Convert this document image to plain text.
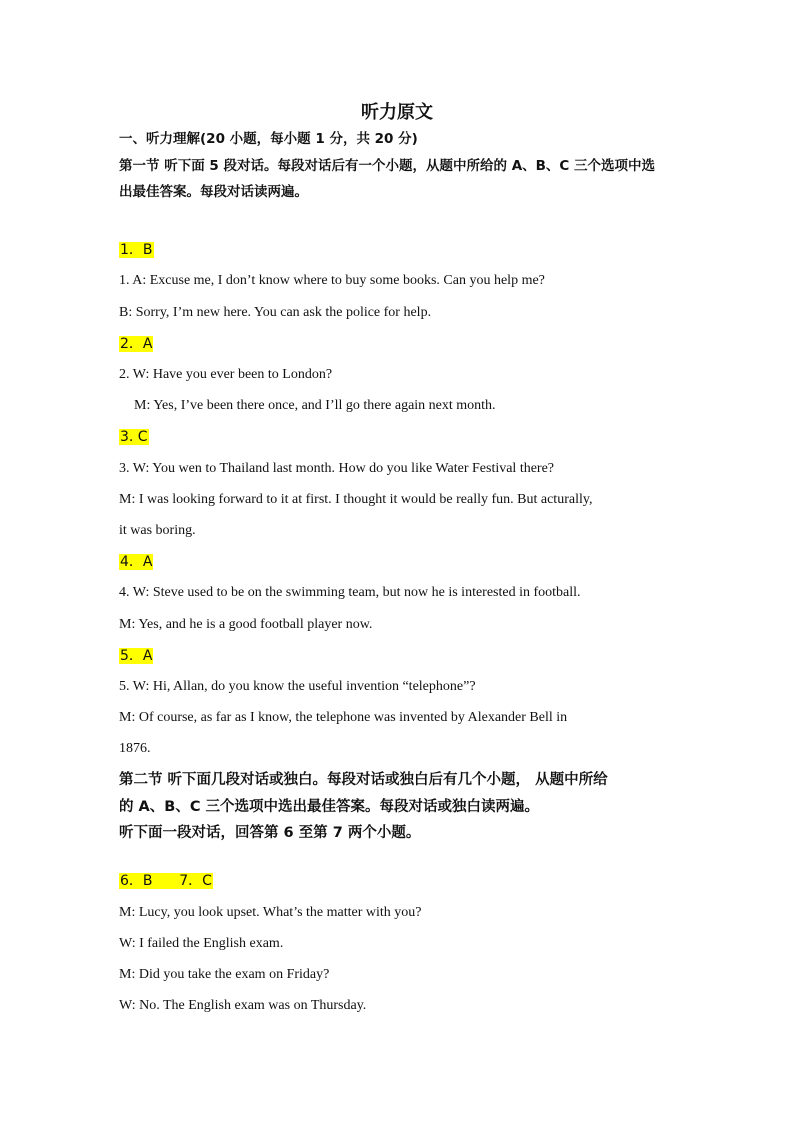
听力原文
一、听力理解(20 小题，每小题 1 分，共 20 分)
第一节 听下面 5 段对话。每段对话后有一个小题，从题中所给的 A、B、C 三个选项中选
出最佳答案。每段对话读两遍。
1．B
1. A: Excuse me, I don’t know where to buy some books. Can you help me?
B: Sorry, I’m new here. You can ask the police for help.
2．A
2. W: Have you ever been to London?
M: Yes, I’ve been there once, and I’ll go there again next month.
3. C
3. W: You wen to Thailand last month. How do you like Water Festival there?
M: I was looking forward to it at first. I thought it would be really fun. But acturally,
it was boring.
4．A
4. W: Steve used to be on the swimming team, but now he is interested in football.
M: Yes, and he is a good football player now.
5．A
5. W: Hi, Allan, do you know the useful invention “telephone”?
M: Of course, as far as I know, the telephone was invented by Alexander Bell in
1876.
第二节 听下面几段对话或独白。每段对话或独白后有几个小题， 从题中所给
的 A、B、C 三个选项中选出最佳答案。每段对话或独白读两遍。
听下面一段对话，回答第 6 至第 7 两个小题。
6．B      7．C
M: Lucy, you look upset. What’s the matter with you?
W: I failed the English exam.
M: Did you take the exam on Friday?
W: No. The English exam was on Thursday.
